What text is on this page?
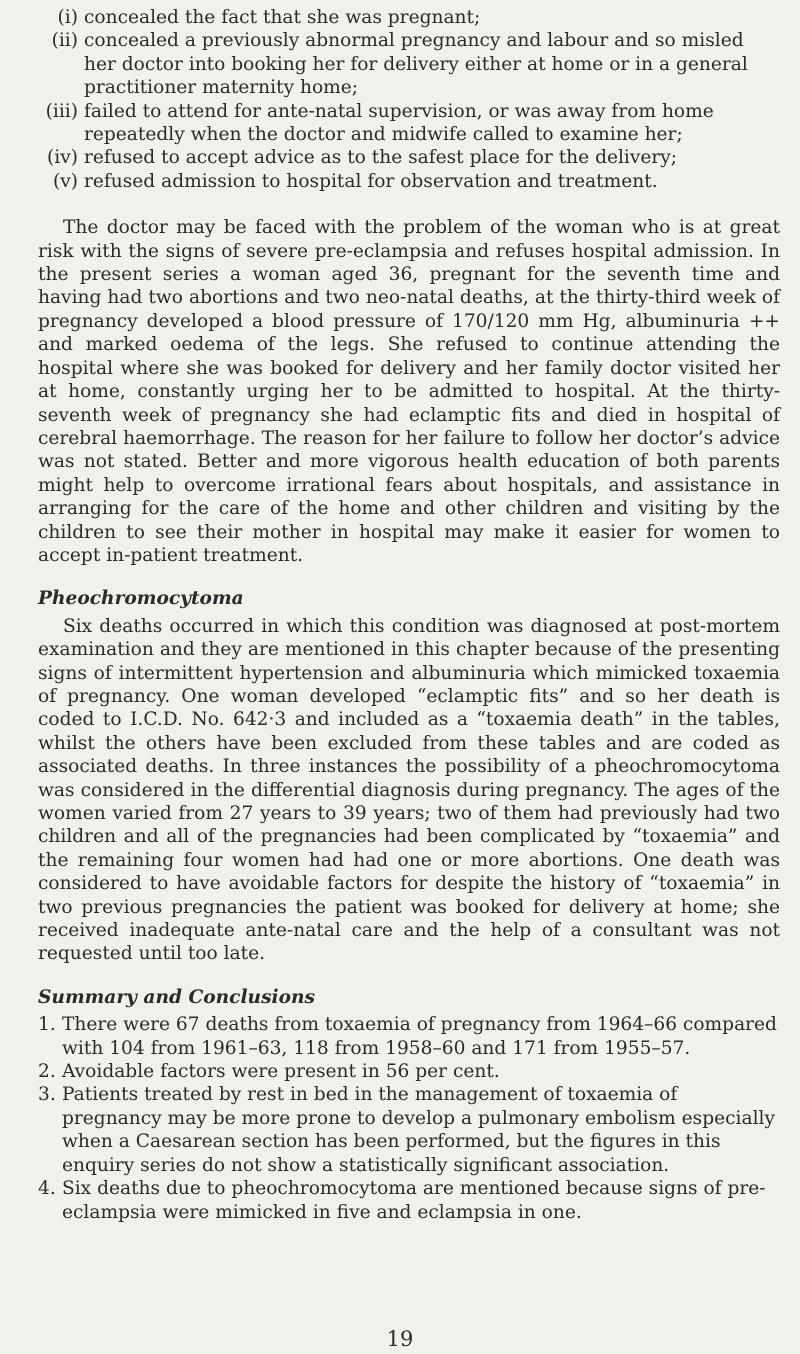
(i) concealed the fact that she was pregnant;
(ii) concealed a previously abnormal pregnancy and labour and so misled her doctor into booking her for delivery either at home or in a general practitioner maternity home;
(iii) failed to attend for ante-natal supervision, or was away from home repeatedly when the doctor and midwife called to examine her;
(iv) refused to accept advice as to the safest place for the delivery;
(v) refused admission to hospital for observation and treatment.

The doctor may be faced with the problem of the woman who is at great risk with the signs of severe pre-eclampsia and refuses hospital admission. In the present series a woman aged 36, pregnant for the seventh time and having had two abortions and two neo-natal deaths, at the thirty-third week of pregnancy developed a blood pressure of 170/120 mm Hg, albuminuria ++ and marked oedema of the legs. She refused to continue attending the hospital where she was booked for delivery and her family doctor visited her at home, constantly urging her to be admitted to hospital. At the thirty-seventh week of pregnancy she had eclamptic fits and died in hospital of cerebral haemorrhage. The reason for her failure to follow her doctor’s advice was not stated. Better and more vigorous health education of both parents might help to overcome irrational fears about hospitals, and assistance in arranging for the care of the home and other children and visiting by the children to see their mother in hospital may make it easier for women to accept in-patient treatment.

Pheochromocytoma

Six deaths occurred in which this condition was diagnosed at post-mortem examination and they are mentioned in this chapter because of the presenting signs of intermittent hypertension and albuminuria which mimicked toxaemia of pregnancy. One woman developed “eclamptic fits” and so her death is coded to I.C.D. No. 642·3 and included as a “toxaemia death” in the tables, whilst the others have been excluded from these tables and are coded as associated deaths. In three instances the possibility of a pheochromocytoma was considered in the differential diagnosis during pregnancy. The ages of the women varied from 27 years to 39 years; two of them had previously had two children and all of the pregnancies had been complicated by “toxaemia” and the remaining four women had had one or more abortions. One death was considered to have avoidable factors for despite the history of “toxaemia” in two previous pregnancies the patient was booked for delivery at home; she received inadequate ante-natal care and the help of a consultant was not requested until too late.

Summary and Conclusions
1. There were 67 deaths from toxaemia of pregnancy from 1964–66 compared with 104 from 1961–63, 118 from 1958–60 and 171 from 1955–57.
2. Avoidable factors were present in 56 per cent.
3. Patients treated by rest in bed in the management of toxaemia of pregnancy may be more prone to develop a pulmonary embolism especially when a Caesarean section has been performed, but the figures in this enquiry series do not show a statistically significant association.
4. Six deaths due to pheochromocytoma are mentioned because signs of pre-eclampsia were mimicked in five and eclampsia in one.
19
